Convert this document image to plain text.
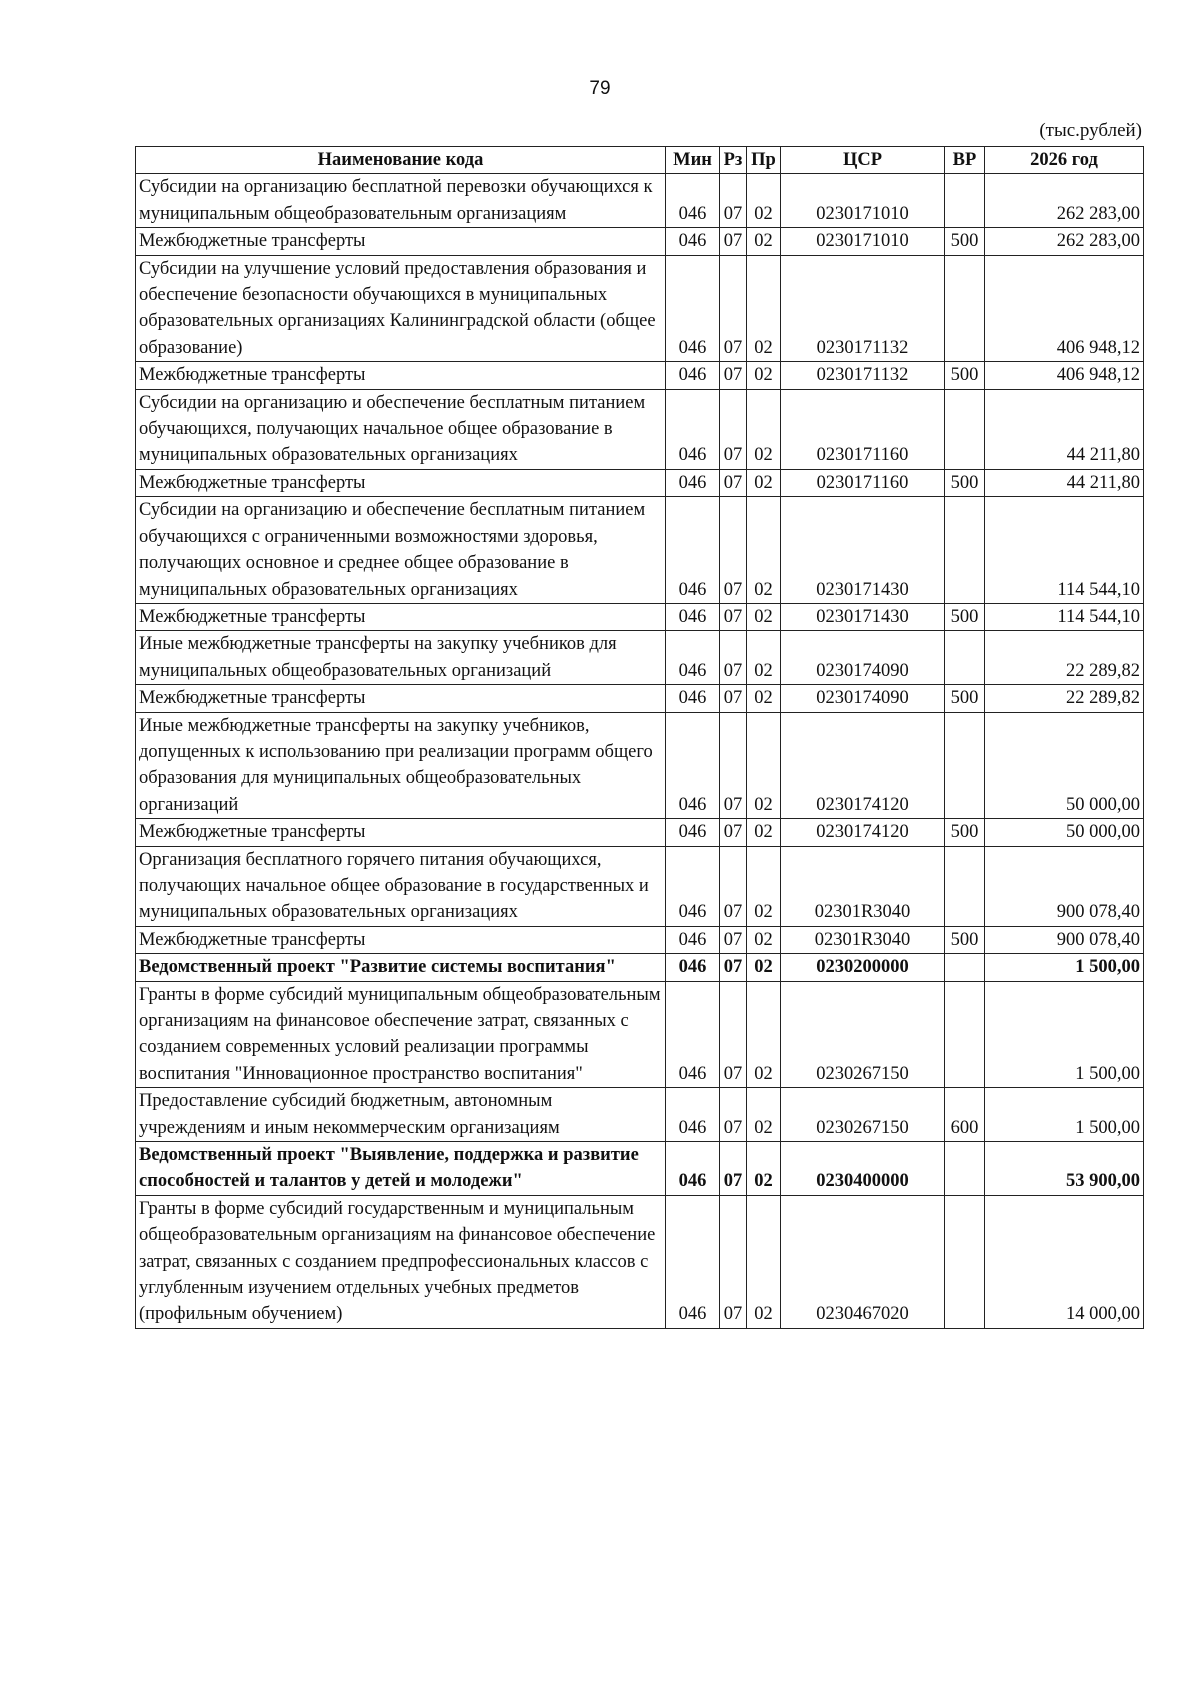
79
(тыс.рублей)
Наименование кода	Мин	Рз	Пр	ЦСР	ВР	2026 год
Субсидии на организацию бесплатной перевозки обучающихся к муниципальным общеобразовательным организациям	046	07	02	0230171010		262 283,00
Межбюджетные трансферты	046	07	02	0230171010	500	262 283,00
Субсидии на улучшение условий предоставления образования и обеспечение безопасности обучающихся в муниципальных образовательных организациях Калининградской области (общее образование)	046	07	02	0230171132		406 948,12
Межбюджетные трансферты	046	07	02	0230171132	500	406 948,12
Субсидии на организацию и обеспечение бесплатным питанием обучающихся, получающих начальное общее образование в муниципальных образовательных организациях	046	07	02	0230171160		44 211,80
Межбюджетные трансферты	046	07	02	0230171160	500	44 211,80
Субсидии на организацию и обеспечение бесплатным питанием обучающихся с ограниченными возможностями здоровья, получающих основное и среднее общее образование в муниципальных образовательных организациях	046	07	02	0230171430		114 544,10
Межбюджетные трансферты	046	07	02	0230171430	500	114 544,10
Иные межбюджетные трансферты на закупку учебников для муниципальных общеобразовательных организаций	046	07	02	0230174090		22 289,82
Межбюджетные трансферты	046	07	02	0230174090	500	22 289,82
Иные межбюджетные трансферты на закупку учебников, допущенных к использованию при реализации программ общего образования для муниципальных общеобразовательных организаций	046	07	02	0230174120		50 000,00
Межбюджетные трансферты	046	07	02	0230174120	500	50 000,00
Организация бесплатного горячего питания обучающихся, получающих начальное общее образование в государственных и муниципальных образовательных организациях	046	07	02	02301R3040		900 078,40
Межбюджетные трансферты	046	07	02	02301R3040	500	900 078,40
Ведомственный проект "Развитие системы воспитания"	046	07	02	0230200000		1 500,00
Гранты в форме субсидий муниципальным общеобразовательным организациям на финансовое обеспечение затрат, связанных с созданием современных условий реализации программы воспитания "Инновационное пространство воспитания"	046	07	02	0230267150		1 500,00
Предоставление субсидий бюджетным, автономным учреждениям и иным некоммерческим организациям	046	07	02	0230267150	600	1 500,00
Ведомственный проект "Выявление, поддержка и развитие способностей и талантов у детей и молодежи"	046	07	02	0230400000		53 900,00
Гранты в форме субсидий государственным и муниципальным общеобразовательным организациям на финансовое обеспечение затрат, связанных с созданием предпрофессиональных классов с углубленным изучением отдельных учебных предметов (профильным обучением)	046	07	02	0230467020		14 000,00
